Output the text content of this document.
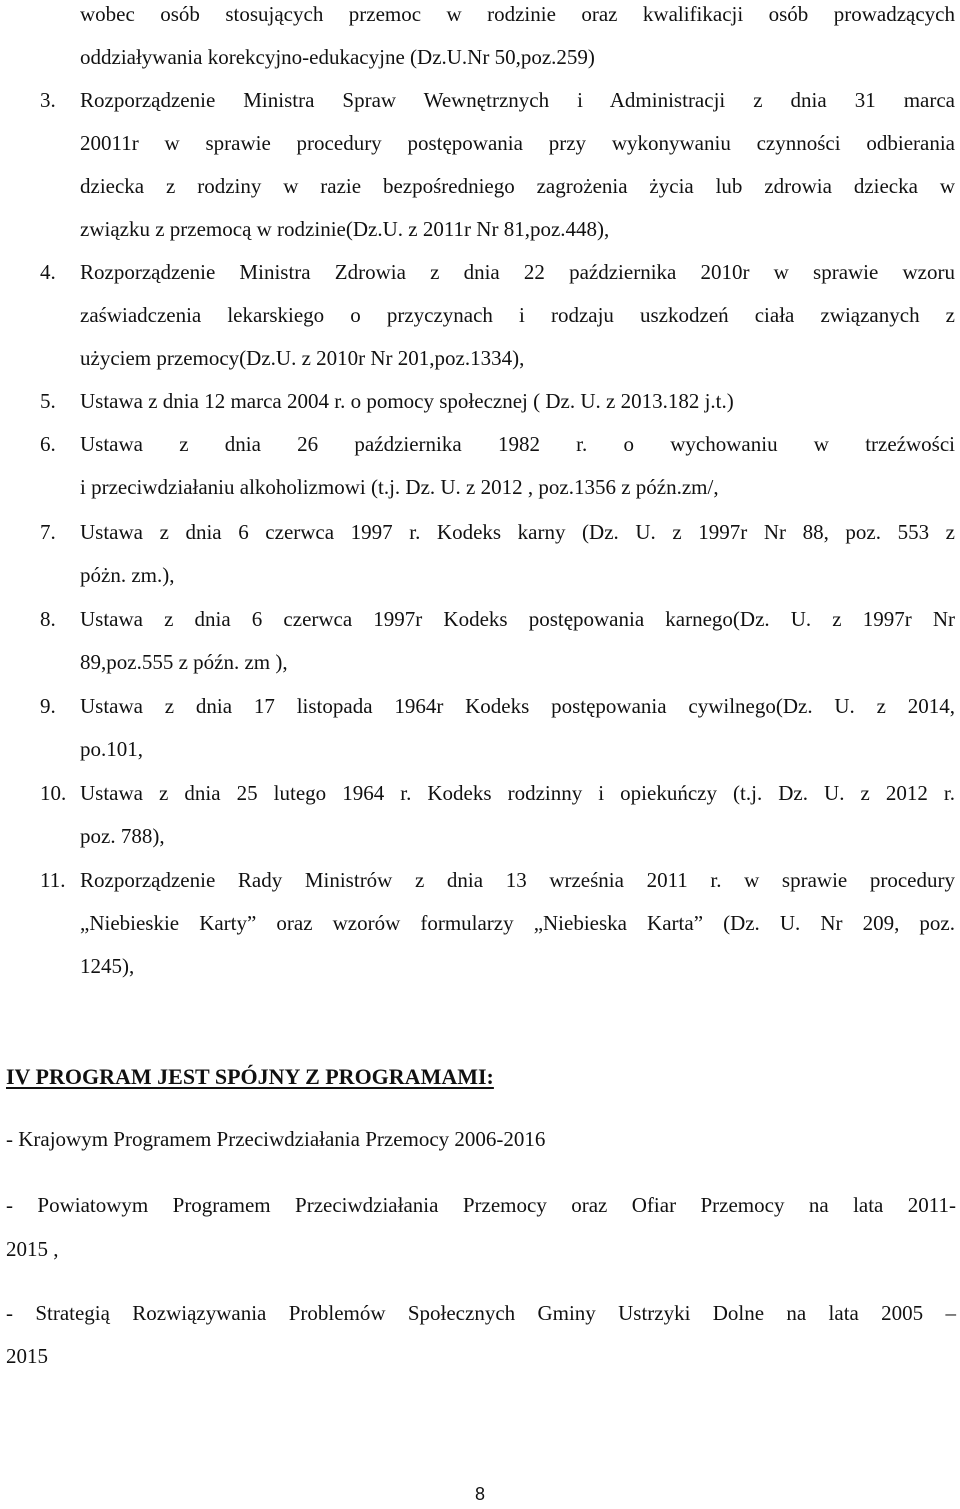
wobec osób stosujących przemoc w rodzinie oraz kwalifikacji osób prowadzących
oddziaływania korekcyjno-edukacyjne (Dz.U.Nr 50,poz.259)
3. Rozporządzenie Ministra Spraw Wewnętrznych i Administracji z dnia 31 marca
20011r w sprawie procedury postępowania przy wykonywaniu czynności odbierania
dziecka z rodziny w razie bezpośredniego zagrożenia życia lub zdrowia dziecka w
związku z przemocą w rodzinie(Dz.U. z 2011r Nr 81,poz.448),
4. Rozporządzenie Ministra Zdrowia z dnia 22 października 2010r w sprawie wzoru
zaświadczenia lekarskiego o przyczynach i rodzaju uszkodzeń ciała związanych z
użyciem przemocy(Dz.U. z 2010r Nr 201,poz.1334),
5. Ustawa z dnia 12 marca 2004 r. o pomocy społecznej ( Dz. U. z 2013.182 j.t.)
6. Ustawa z dnia 26 października 1982 r. o wychowaniu w trzeźwości
i przeciwdziałaniu alkoholizmowi (t.j. Dz. U. z 2012 , poz.1356 z późn.zm/,
7. Ustawa z dnia 6 czerwca 1997 r. Kodeks karny (Dz. U. z 1997r Nr 88, poz. 553 z
póżn. zm.),
8. Ustawa z dnia 6 czerwca 1997r Kodeks postępowania karnego(Dz. U. z 1997r Nr
89,poz.555 z późn. zm ),
9. Ustawa z dnia 17 listopada 1964r Kodeks postępowania cywilnego(Dz. U. z 2014,
po.101,
10. Ustawa z dnia 25 lutego 1964 r. Kodeks rodzinny i opiekuńczy (t.j. Dz. U. z 2012 r.
poz. 788),
11. Rozporządzenie Rady Ministrów z dnia 13 września 2011 r. w sprawie procedury
„Niebieskie Karty” oraz wzorów formularzy „Niebieska Karta” (Dz. U. Nr 209, poz.
1245),
IV PROGRAM JEST SPÓJNY Z PROGRAMAMI:
- Krajowym Programem Przeciwdziałania Przemocy 2006-2016
- Powiatowym Programem Przeciwdziałania Przemocy oraz Ofiar Przemocy na lata 2011-
2015 ,
- Strategią Rozwiązywania Problemów Społecznych Gminy Ustrzyki Dolne na lata 2005 –
2015
8
